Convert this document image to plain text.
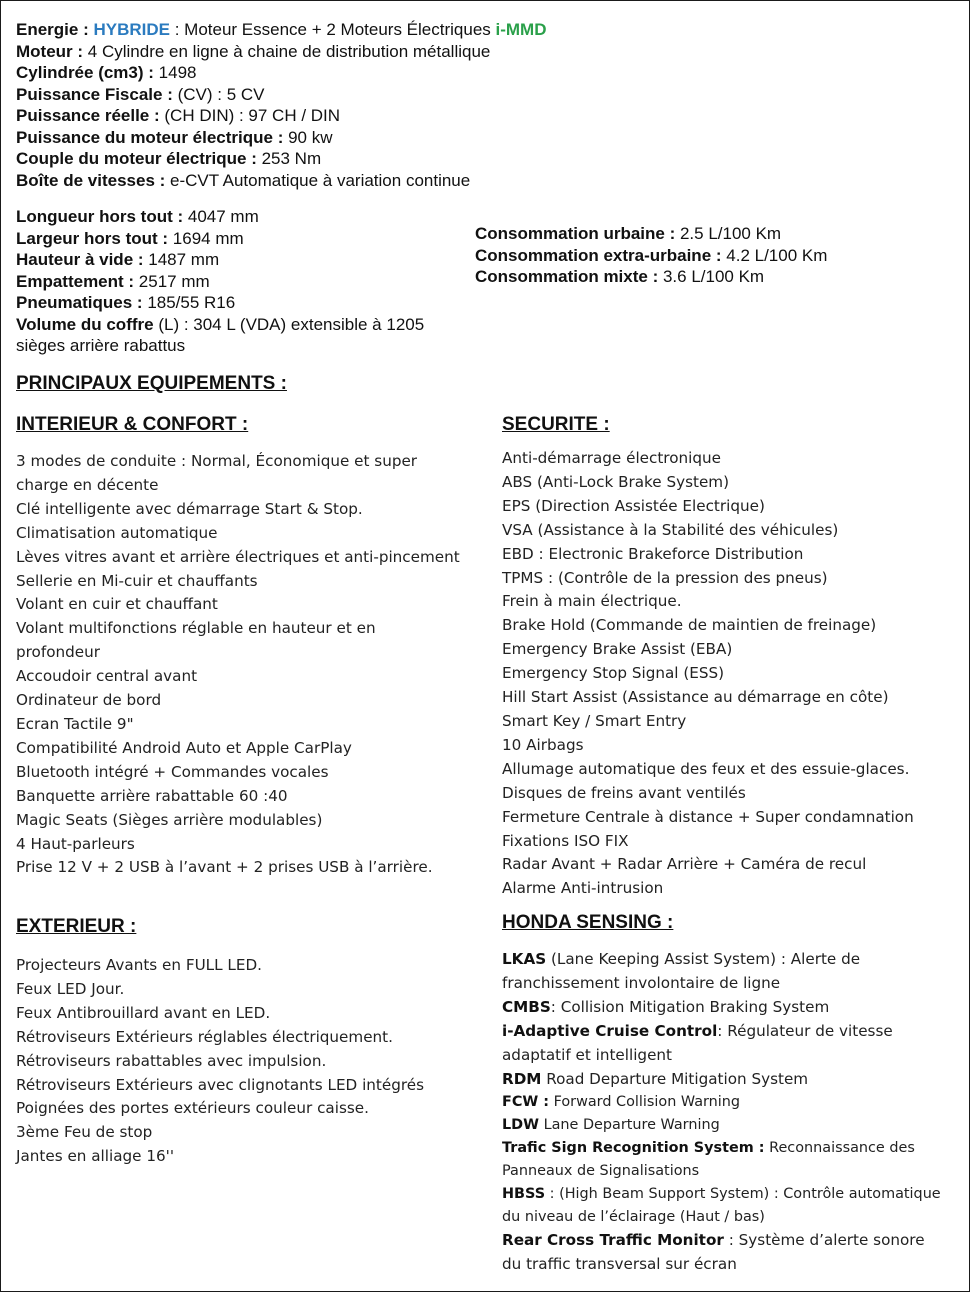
Energie : HYBRIDE : Moteur Essence + 2 Moteurs Électriques i-MMD
Moteur : 4 Cylindre en ligne à chaine de distribution métallique
Cylindrée (cm3) : 1498
Puissance Fiscale : (CV) : 5 CV
Puissance réelle : (CH DIN) : 97 CH / DIN
Puissance du moteur électrique : 90 kw
Couple du moteur électrique : 253 Nm
Boîte de vitesses : e-CVT Automatique à variation continue
Longueur hors tout : 4047 mm
Largeur hors tout : 1694 mm
Hauteur à vide : 1487 mm
Empattement : 2517 mm
Pneumatiques : 185/55 R16
Volume du coffre (L) : 304 L (VDA) extensible à 1205 sièges arrière rabattus
Consommation urbaine : 2.5 L/100 Km
Consommation extra-urbaine : 4.2 L/100 Km
Consommation mixte : 3.6 L/100 Km
PRINCIPAUX EQUIPEMENTS :
INTERIEUR & CONFORT :	SECURITE :
EXTERIEUR :	HONDA SENSING :
3 modes de conduite : Normal, Économique et super charge en décente
Clé intelligente avec démarrage Start & Stop.
Climatisation automatique
Lèves vitres avant et arrière électriques et anti-pincement
Sellerie en Mi-cuir et chauffants
Volant en cuir et chauffant
Volant multifonctions réglable en hauteur et en profondeur
Accoudoir central avant
Ordinateur de bord
Ecran Tactile 9"
Compatibilité Android Auto et Apple CarPlay
Bluetooth intégré + Commandes vocales
Banquette arrière rabattable 60 :40
Magic Seats (Sièges arrière modulables)
4 Haut-parleurs
Prise 12 V + 2 USB à l’avant + 2 prises USB à l’arrière.
Projecteurs Avants en FULL LED.
Feux LED Jour.
Feux Antibrouillard avant en LED.
Rétroviseurs Extérieurs réglables électriquement.
Rétroviseurs rabattables avec impulsion.
Rétroviseurs Extérieurs avec clignotants LED intégrés
Poignées des portes extérieurs couleur caisse.
3ème Feu de stop
Jantes en alliage 16''
Anti-démarrage électronique
ABS (Anti-Lock Brake System)
EPS (Direction Assistée Electrique)
VSA (Assistance à la Stabilité des véhicules)
EBD : Electronic Brakeforce Distribution
TPMS : (Contrôle de la pression des pneus)
Frein à main électrique.
Brake Hold (Commande de maintien de freinage)
Emergency Brake Assist (EBA)
Emergency Stop Signal (ESS)
Hill Start Assist (Assistance au démarrage en côte)
Smart Key / Smart Entry
10 Airbags
Allumage automatique des feux et des essuie-glaces.
Disques de freins avant ventilés
Fermeture Centrale à distance + Super condamnation
Fixations ISO FIX
Radar Avant + Radar Arrière + Caméra de recul
Alarme Anti-intrusion
LKAS (Lane Keeping Assist System) : Alerte de franchissement involontaire de ligne
CMBS: Collision Mitigation Braking System
i-Adaptive Cruise Control: Régulateur de vitesse adaptatif et intelligent
RDM Road Departure Mitigation System
FCW : Forward Collision Warning
LDW Lane Departure Warning
Trafic Sign Recognition System : Reconnaissance des Panneaux de Signalisations
HBSS : (High Beam Support System) : Contrôle automatique du niveau de l’éclairage (Haut / bas)
Rear Cross Traffic Monitor : Système d’alerte sonore du traffic transversal sur écran
